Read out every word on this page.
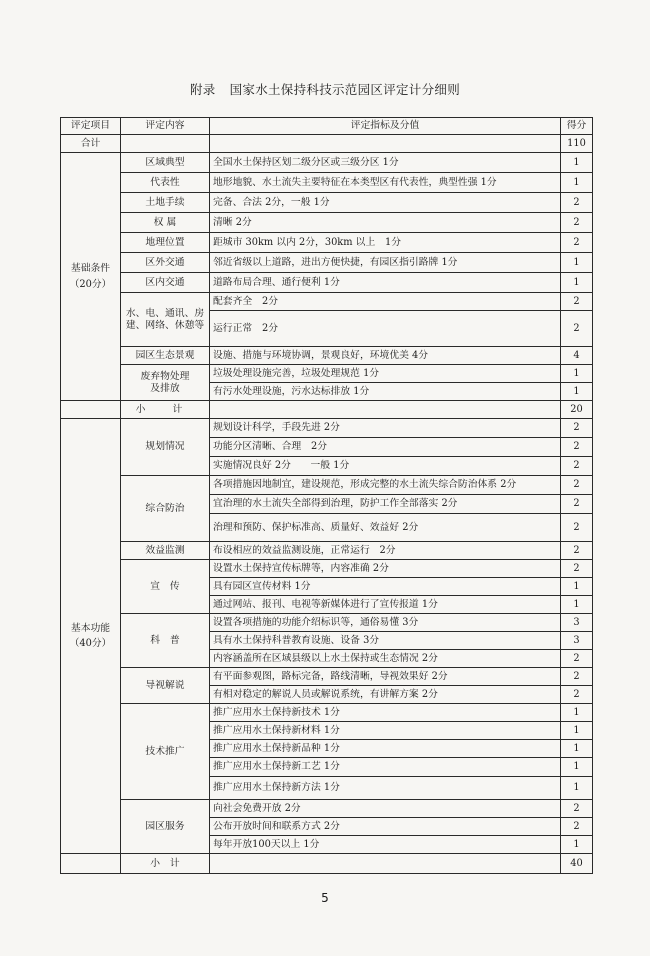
附录 国家水土保持科技示范园区评定计分细则
评定项目	评定内容	评定指标及分值	得分
合计			110

基础条件
（20分）	区域典型	全国水土保持区划二级分区或三级分区 1分	1
	代表性	地形地貌、水土流失主要特征在本类型区有代表性，典型性强 1分	1
	土地手续	完备、合法 2分，一般 1分	2
	权 属	清晰 2分	2
	地理位置	距城市 30km 以内 2分，30km 以上　1分	2
	区外交通	邻近省级以上道路，进出方便快捷，有园区指引路牌 1分	1
	区内交通	道路布局合理、通行便利 1分	1
	水、电、通讯、房建、网络、休憩等	配套齐全　2分	2
		运行正常　2分	2
	园区生态景观	设施、措施与环境协调，景观良好，环境优美 4分	4
	废弃物处理及排放	垃圾处理设施完善，垃圾处理规范 1分	1
		有污水处理设施，污水达标排放 1分	1
	小 计		20

基本功能
（40分）	规划情况	规划设计科学，手段先进 2分	2
		功能分区清晰、合理　2分	2
		实施情况良好 2分　　一般 1分	2
	综合防治	各项措施因地制宜，建设规范，形成完整的水土流失综合防治体系 2分	2
		宜治理的水土流失全部得到治理，防护工作全部落实 2分	2
		治理和预防、保护标准高、质量好、效益好 2分	2
	效益监测	布设相应的效益监测设施，正常运行　2分	2
	宣　传	设置水土保持宣传标牌等，内容准确 2分	2
		具有园区宣传材料 1分	1
		通过网站、报刊、电视等新媒体进行了宣传报道 1分	1
	科　普	设置各项措施的功能介绍标识等，通俗易懂 3分	3
		具有水土保持科普教育设施、设备 3分	3
		内容涵盖所在区域县级以上水土保持或生态情况 2分	2
	导视解说	有平面参观图，路标完备，路线清晰，导视效果好 2分	2
		有相对稳定的解说人员或解说系统，有讲解方案 2分	2
	技术推广	推广应用水土保持新技术 1分	1
		推广应用水土保持新材料 1分	1
		推广应用水土保持新品种 1分	1
		推广应用水土保持新工艺 1分	1
		推广应用水土保持新方法 1分	1
	园区服务	向社会免费开放 2分	2
		公布开放时间和联系方式 2分	2
		每年开放100天以上 1分	1
	小　计		40
5
